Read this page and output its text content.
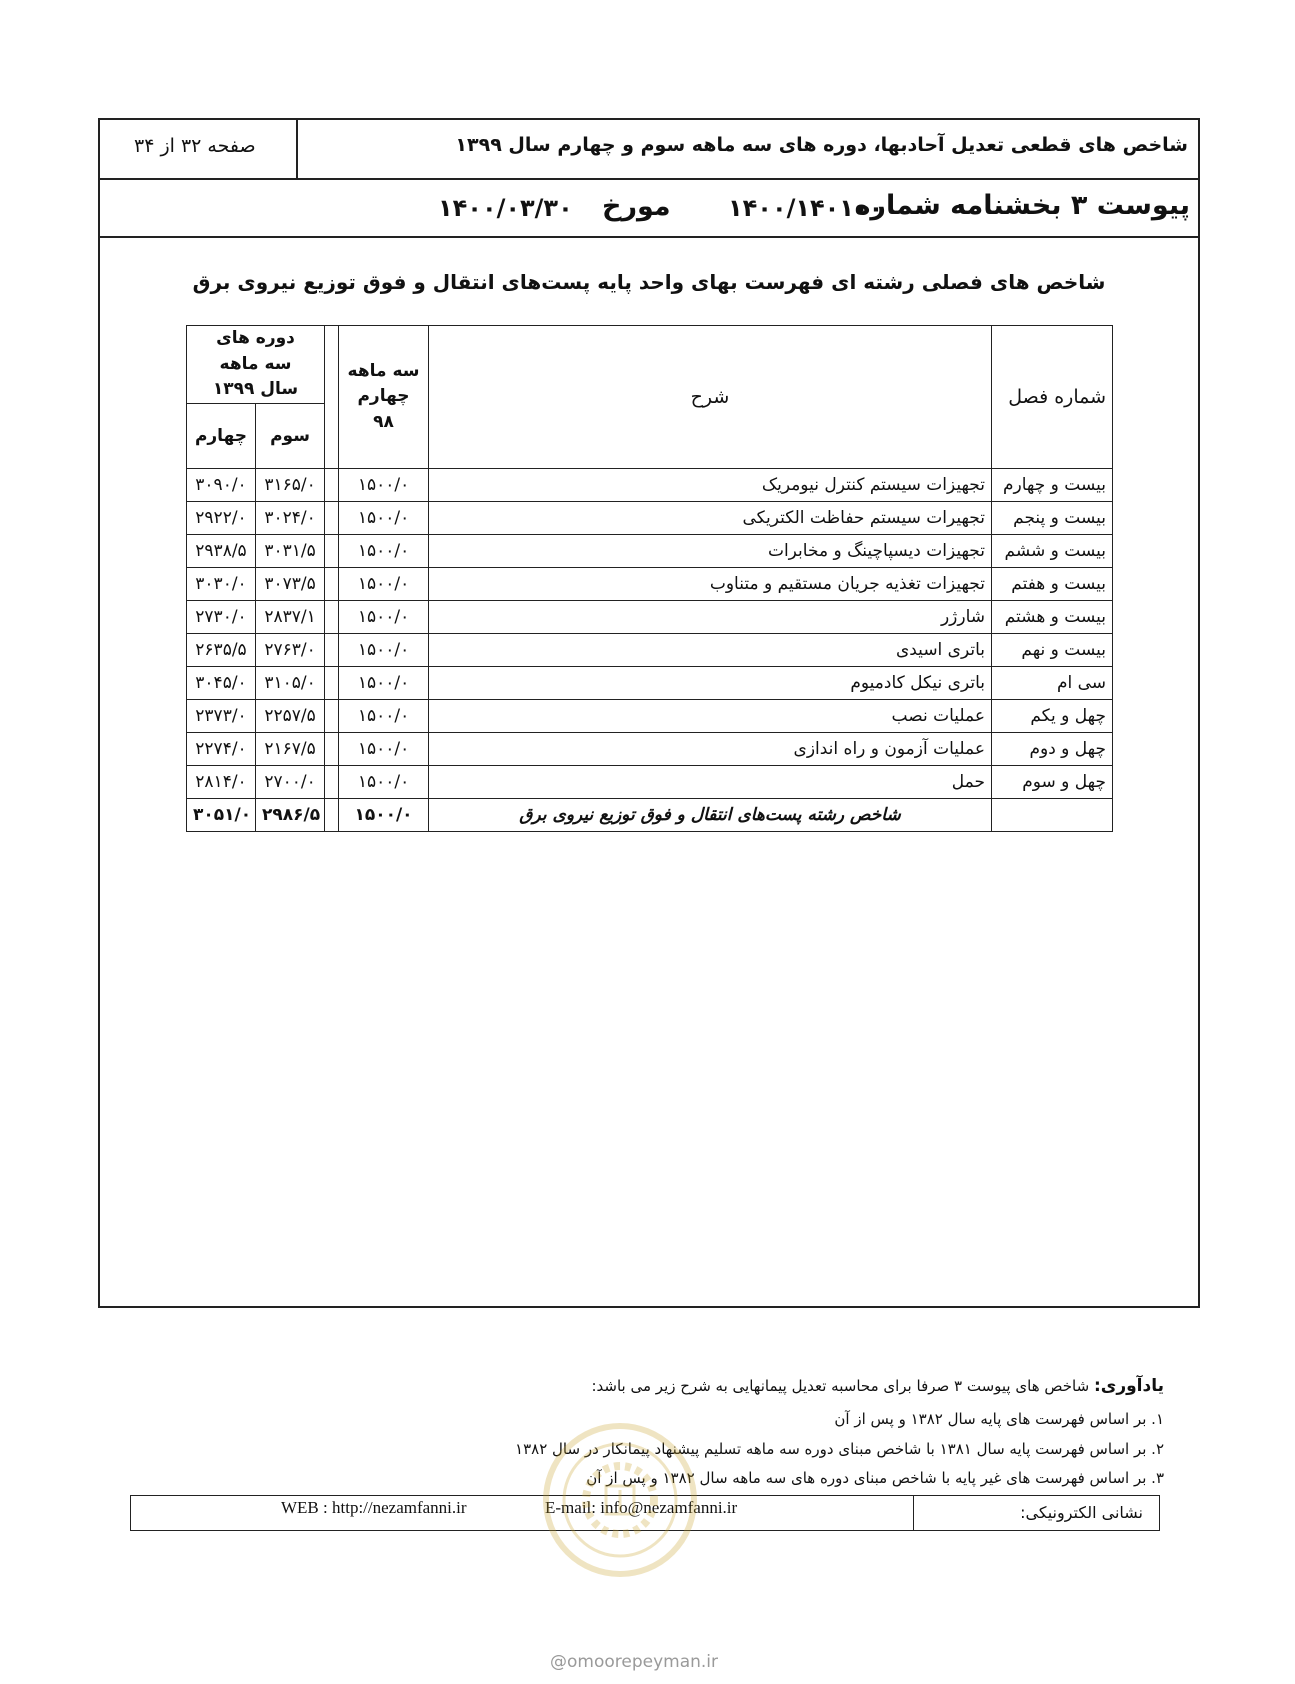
شاخص های قطعی تعدیل آحادبها، دوره های سه ماهه سوم و چهارم سال ۱۳۹۹
صفحه ۳۲ از ۳۴
پیوست ۳ بخشنامه شماره
۱۴۰۰/۱۴۰۱۰۰
مورخ
۱۴۰۰/۰۳/۳۰
شاخص های فصلی رشته ای فهرست بهای واحد پایه پست‌های انتقال و فوق توزیع نیروی برق
دوره های سه ماهه سال ۱۳۹۹			سه ماهه چهارم ۹۸	شرح	شماره فصل
چهارم	سوم				
۳۰۹۰/۰	۳۱۶۵/۰		۱۵۰۰/۰	تجهیزات سیستم کنترل نیومریک	بیست و چهارم
۲۹۲۲/۰	۳۰۲۴/۰		۱۵۰۰/۰	تجهیرات سیستم حفاظت الکتریکی	بیست و پنجم
۲۹۳۸/۵	۳۰۳۱/۵		۱۵۰۰/۰	تجهیزات دیسپاچینگ و مخابرات	بیست و ششم
۳۰۳۰/۰	۳۰۷۳/۵		۱۵۰۰/۰	تجهیزات تغذیه جریان مستقیم و متناوب	بیست و هفتم
۲۷۳۰/۰	۲۸۳۷/۱		۱۵۰۰/۰	شارژر	بیست و هشتم
۲۶۳۵/۵	۲۷۶۳/۰		۱۵۰۰/۰	باتری اسیدی	بیست و نهم
۳۰۴۵/۰	۳۱۰۵/۰		۱۵۰۰/۰	باتری نیکل کادمیوم	سی ام
۲۳۷۳/۰	۲۲۵۷/۵		۱۵۰۰/۰	عملیات نصب	چهل و یکم
۲۲۷۴/۰	۲۱۶۷/۵		۱۵۰۰/۰	عملیات آزمون و راه اندازی	چهل و دوم
۲۸۱۴/۰	۲۷۰۰/۰		۱۵۰۰/۰	حمل	چهل و سوم
۳۰۵۱/۰	۲۹۸۶/۵		۱۵۰۰/۰	شاخص رشته پست‌های انتقال و فوق توزیع نیروی برق	
یادآوری: شاخص های پیوست ۳ صرفا برای محاسبه تعدیل پیمانهایی به شرح زیر می باشد:
۱. بر اساس فهرست های پایه سال ۱۳۸۲ و پس از آن
۲. بر اساس فهرست پایه سال ۱۳۸۱ با شاخص مبنای دوره سه ماهه تسلیم پیشنهاد پیمانکار در سال ۱۳۸۲
۳. بر اساس فهرست های غیر پایه با شاخص مبنای دوره های سه ماهه سال ۱۳۸۲ و پس از آن
نشانی الکترونیکی:
E-mail: info@nezamfanni.ir
WEB : http://nezamfanni.ir
@omoorepeyman.ir
